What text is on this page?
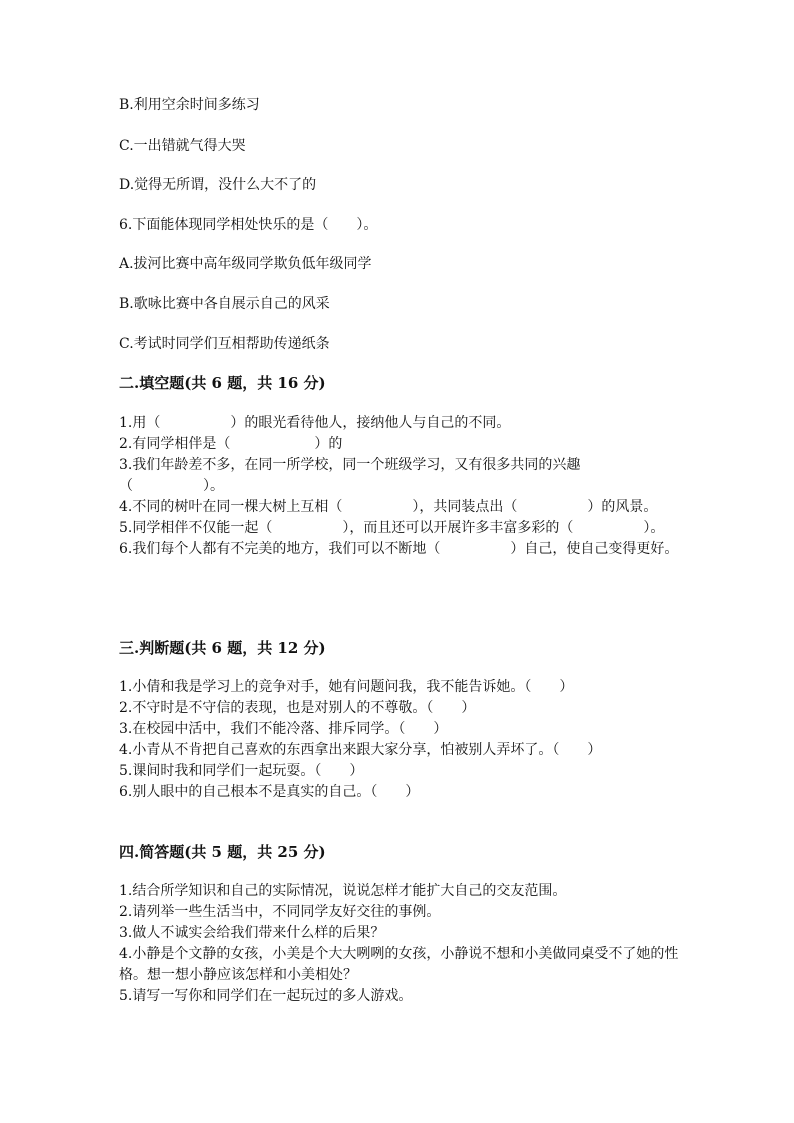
B.利用空余时间多练习
C.一出错就气得大哭
D.觉得无所谓，没什么大不了的
6.下面能体现同学相处快乐的是（　　）。
A.拔河比赛中高年级同学欺负低年级同学
B.歌咏比赛中各自展示自己的风采
C.考试时同学们互相帮助传递纸条
二.填空题(共 6 题，共 16 分)

1.用（　　　　　）的眼光看待他人，接纳他人与自己的不同。

2.有同学相伴是（　　　　　　）的

3.我们年龄差不多，在同一所学校，同一个班级学习，又有很多共同的兴趣（　　　　　）。

4.不同的树叶在同一棵大树上互相（　　　　　），共同装点出（　　　　　）的风景。

5.同学相伴不仅能一起（　　　　　），而且还可以开展许多丰富多彩的（　　　　　）。

6.我们每个人都有不完美的地方，我们可以不断地（　　　　　）自己，使自己变得更好。

三.判断题(共 6 题，共 12 分)

1.小倩和我是学习上的竞争对手，她有问题问我，我不能告诉她。（　　）

2.不守时是不守信的表现，也是对别人的不尊敬。（　　）

3.在校园中活中，我们不能冷落、排斥同学。（　　）

4.小青从不肯把自己喜欢的东西拿出来跟大家分享，怕被别人弄坏了。（　　）

5.课间时我和同学们一起玩耍。（　　）

6.别人眼中的自己根本不是真实的自己。（　　）

四.简答题(共 5 题，共 25 分)

1.结合所学知识和自己的实际情况，说说怎样才能扩大自己的交友范围。

2.请列举一些生活当中，不同同学友好交往的事例。

3.做人不诚实会给我们带来什么样的后果？

4.小静是个文静的女孩，小美是个大大咧咧的女孩，小静说不想和小美做同桌受不了她的性格。想一想小静应该怎样和小美相处？

5.请写一写你和同学们在一起玩过的多人游戏。
